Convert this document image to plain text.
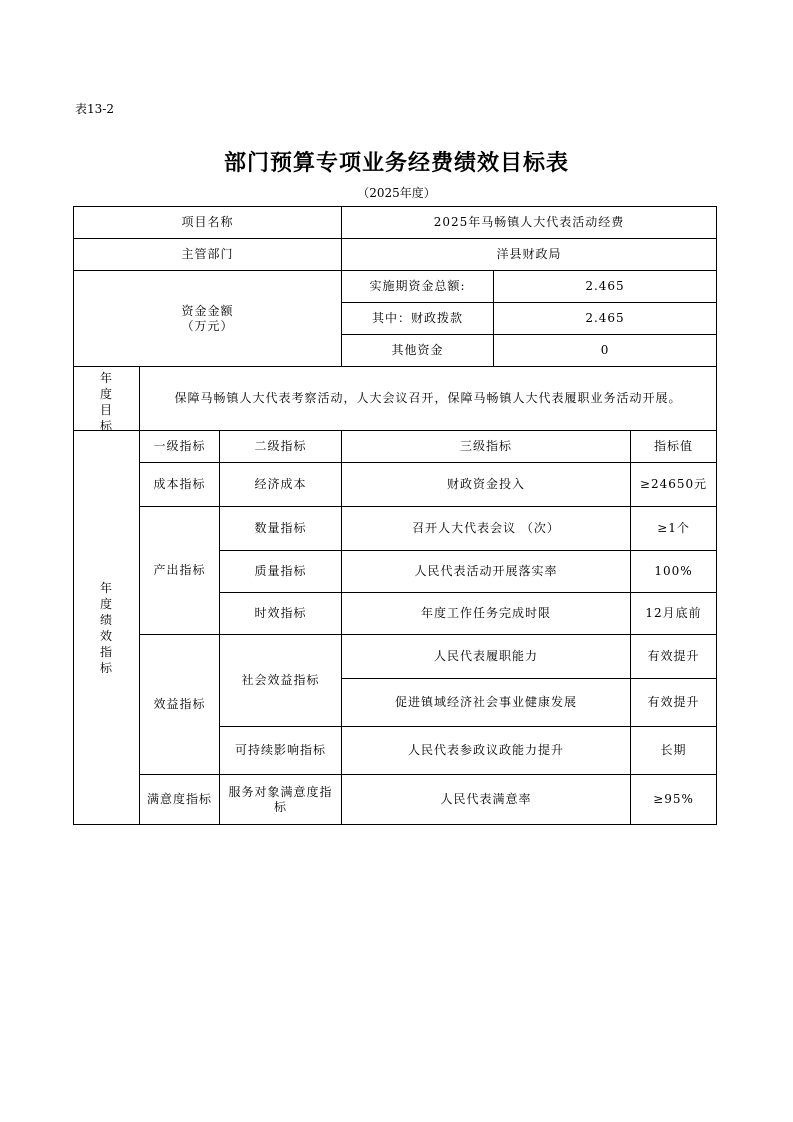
表13-2
部门预算专项业务经费绩效目标表
（2025年度）
项目名称			2025年马畅镇人大代表活动经费		
主管部门			洋县财政局		

资金金额
（万元）			实施期资金总额:	2.465	
			其中：财政拨款	2.465	
			其他资金	0	

年度目标	保障马畅镇人大代表考察活动，人大会议召开，保障马畅镇人大代表履职业务活动开展。				

年度绩效指标	一级指标	二级指标	三级指标		指标值
	成本指标	经济成本	财政资金投入		≥24650元
	产出指标	数量指标	召开人大代表会议 （次）		≥1个
		质量指标	人民代表活动开展落实率		100%
		时效指标	年度工作任务完成时限		12月底前
	效益指标	社会效益指标	人民代表履职能力		有效提升
			促进镇域经济社会事业健康发展		有效提升
		可持续影响指标	人民代表参政议政能力提升		长期
	满意度指标	服务对象满意度指标	人民代表满意率		≥95%
